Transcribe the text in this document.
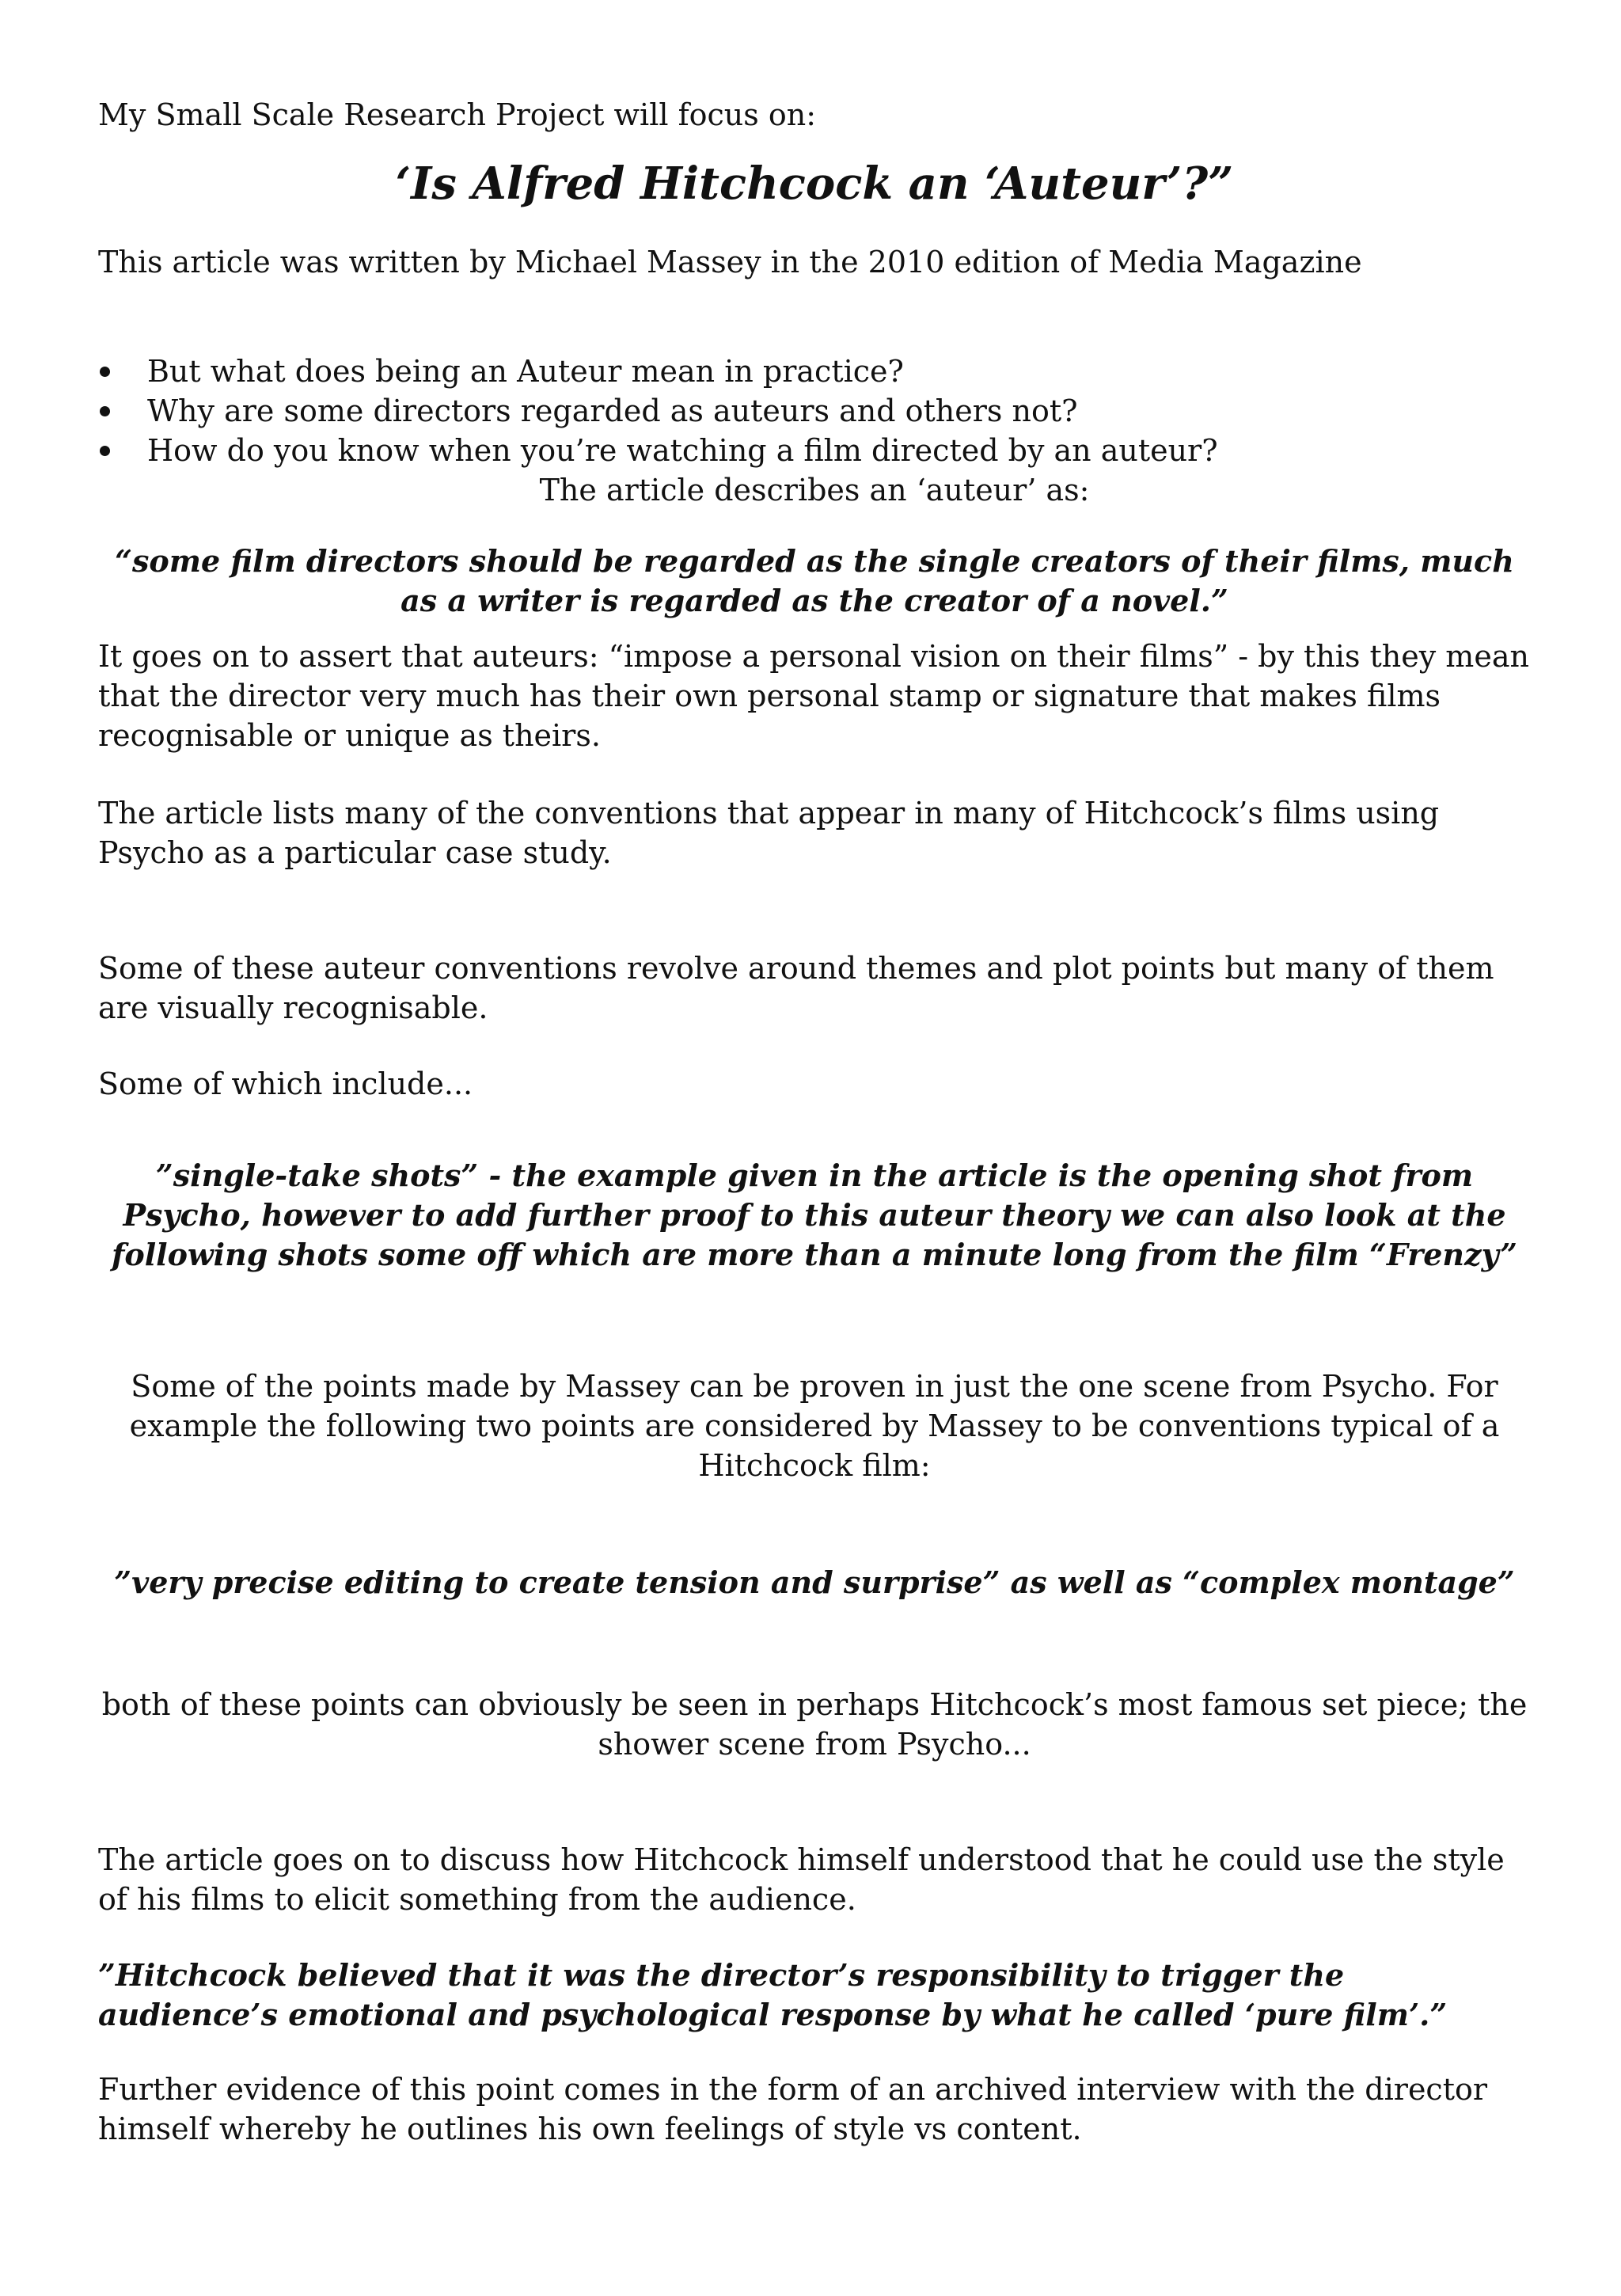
My Small Scale Research Project will focus on:

‘Is Alfred Hitchcock an ‘Auteur’?”

This article was written by Michael Massey in the 2010 edition of Media Magazine

But what does being an Auteur mean in practice?
Why are some directors regarded as auteurs and others not?
How do you know when you’re watching a film directed by an auteur?

The article describes an ‘auteur’ as:

“some film directors should be regarded as the single creators of their films, much as a writer is regarded as the creator of a novel.”

It goes on to assert that auteurs: “impose a personal vision on their films” - by this they mean that the director very much has their own personal stamp or signature that makes films recognisable or unique as theirs.

The article lists many of the conventions that appear in many of Hitchcock’s films using Psycho as a particular case study.

Some of these auteur conventions revolve around themes and plot points but many of them are visually recognisable.

Some of which include...

”single-take shots” - the example given in the article is the opening shot from Psycho, however to add further proof to this auteur theory we can also look at the following shots some off which are more than a minute long from the film “Frenzy”

Some of the points made by Massey can be proven in just the one scene from Psycho. For example the following two points are considered by Massey to be conventions typical of a Hitchcock film:

”very precise editing to create tension and surprise” as well as “complex montage”

both of these points can obviously be seen in perhaps Hitchcock’s most famous set piece; the shower scene from Psycho...

The article goes on to discuss how Hitchcock himself understood that he could use the style of his films to elicit something from the audience.

”Hitchcock believed that it was the director’s responsibility to trigger the audience’s emotional and psychological response by what he called ‘pure film’.”

Further evidence of this point comes in the form of an archived interview with the director himself whereby he outlines his own feelings of style vs content.
